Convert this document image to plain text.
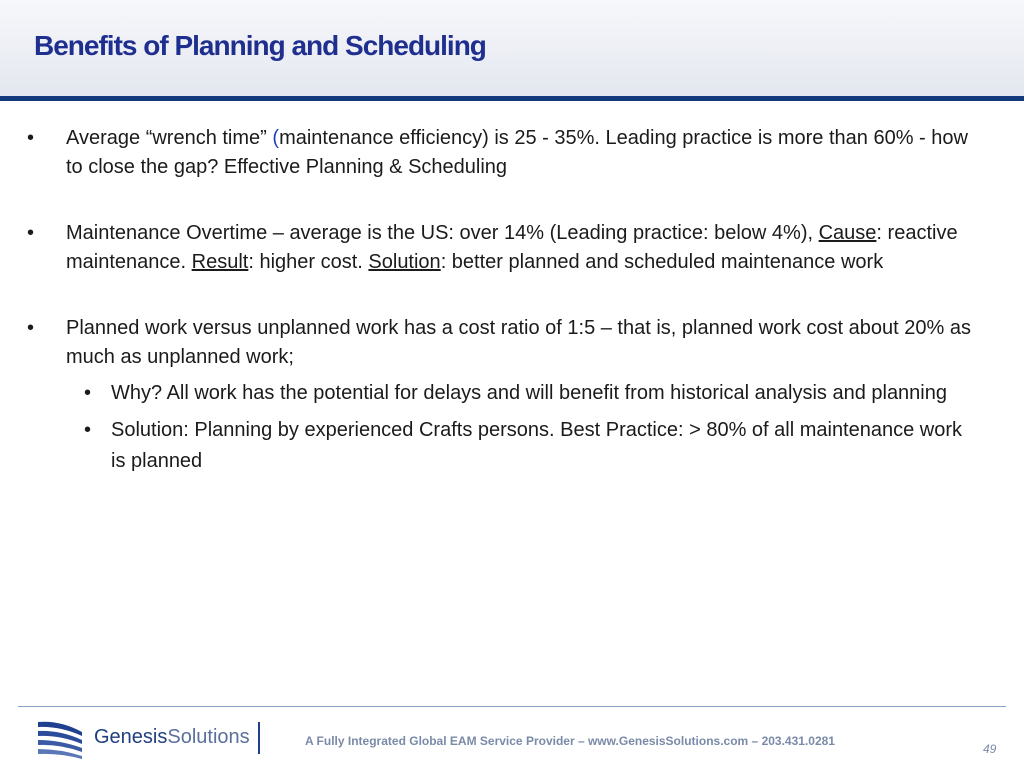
Benefits of Planning and Scheduling
• Average “wrench time” (maintenance efficiency) is 25 - 35%. Leading practice is more than 60% - how to close the gap? Effective Planning & Scheduling
• Maintenance Overtime – average is the US: over 14% (Leading practice: below 4%), Cause: reactive maintenance. Result: higher cost. Solution: better planned and scheduled maintenance work
• Planned work versus unplanned work has a cost ratio of 1:5 – that is, planned work cost about 20% as much as unplanned work;
• Why? All work has the potential for delays and will benefit from historical analysis and planning
• Solution: Planning by experienced Crafts persons. Best Practice: > 80% of all maintenance work is planned
GenesisSolutions	A Fully Integrated Global EAM Service Provider – www.GenesisSolutions.com – 203.431.0281
49
